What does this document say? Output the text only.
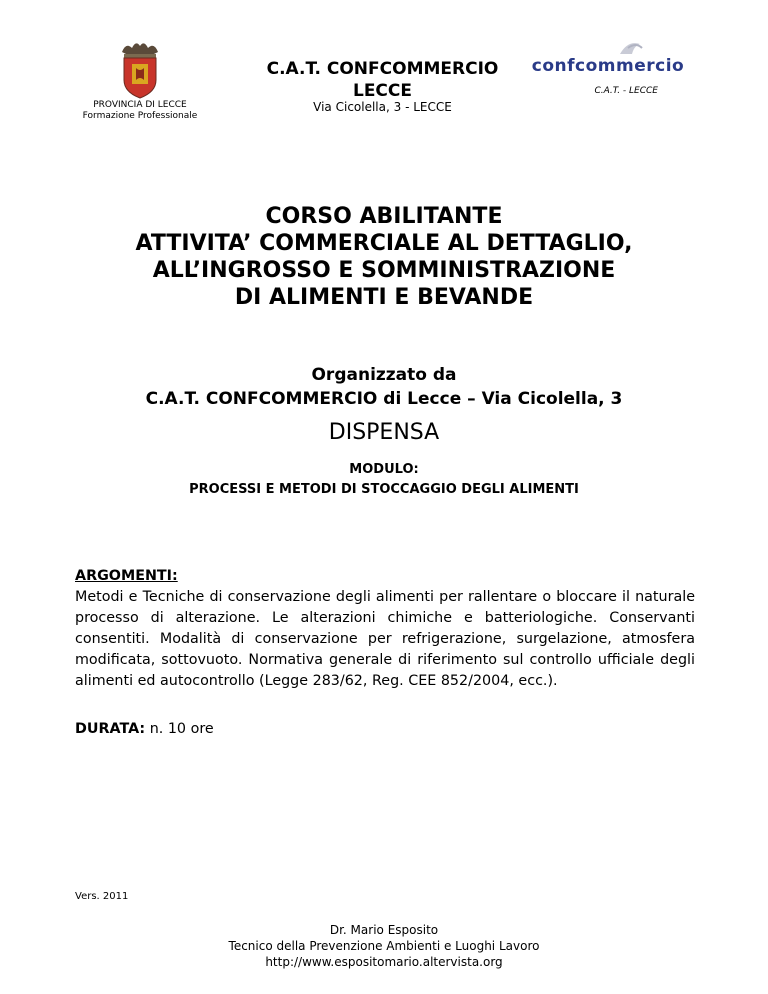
PROVINCIA DI LECCE
Formazione Professionale
C.A.T. CONFCOMMERCIO
LECCE
Via Cicolella, 3 - LECCE
confcommercio
C.A.T. - LECCE
CORSO ABILITANTE
ATTIVITA’ COMMERCIALE AL DETTAGLIO,
ALL’INGROSSO E SOMMINISTRAZIONE
DI ALIMENTI E BEVANDE
Organizzato da
C.A.T. CONFCOMMERCIO di Lecce – Via Cicolella, 3
DISPENSA
MODULO:
PROCESSI E METODI DI STOCCAGGIO DEGLI ALIMENTI
ARGOMENTI:
Metodi e Tecniche di conservazione degli alimenti per rallentare o bloccare il naturale processo di alterazione. Le alterazioni chimiche e batteriologiche. Conservanti consentiti. Modalità di conservazione per refrigerazione, surgelazione, atmosfera modificata, sottovuoto. Normativa generale di riferimento sul controllo ufficiale degli alimenti ed autocontrollo (Legge 283/62, Reg. CEE 852/2004, ecc.).
DURATA: n. 10 ore
Vers. 2011
Dr. Mario Esposito
Tecnico della Prevenzione Ambienti e Luoghi Lavoro
http://www.espositomario.altervista.org
